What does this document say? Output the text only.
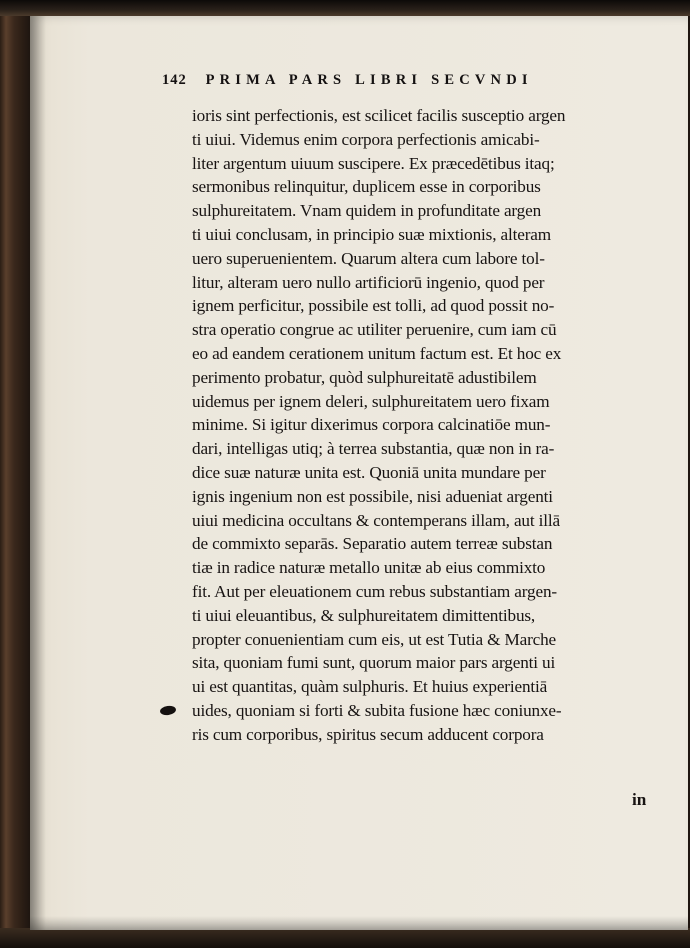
142 PRIMA PARS LIBRI SECVNDI
ioris sint perfectionis, est scilicet facilis susceptio argen
ti uiui. Videmus enim corpora perfectionis amicabi-
liter argentum uiuum suscipere. Ex præcedētibus itaq;
sermonibus relinquitur, duplicem esse in corporibus
sulphureitatem. Vnam quidem in profunditate argen
ti uiui conclusam, in principio suæ mixtionis, alteram
uero superuenientem. Quarum altera cum labore tol-
litur, alteram uero nullo artificiorū ingenio, quod per
ignem perficitur, possibile est tolli, ad quod possit no-
stra operatio congrue ac utiliter peruenire, cum iam cū
eo ad eandem cerationem unitum factum est. Et hoc ex
perimento probatur, quòd sulphureitatē adustibilem
uidemus per ignem deleri, sulphureitatem uero fixam
minime. Si igitur dixerimus corpora calcinatiōe mun-
dari, intelligas utiq; à terrea substantia, quæ non in ra-
dice suæ naturæ unita est. Quoniā unita mundare per
ignis ingenium non est possibile, nisi adueniat argenti
uiui medicina occultans & contemperans illam, aut illā
de commixto separās. Separatio autem terreæ substan
tiæ in radice naturæ metallo unitæ ab eius commixto
fit. Aut per eleuationem cum rebus substantiam argen-
ti uiui eleuantibus, & sulphureitatem dimittentibus,
propter conuenientiam cum eis, ut est Tutia & Marche
sita, quoniam fumi sunt, quorum maior pars argenti ui
ui est quantitas, quàm sulphuris. Et huius experientiā
uides, quoniam si forti & subita fusione hæc coniunxe-
ris cum corporibus, spiritus secum adducent corpora
in
